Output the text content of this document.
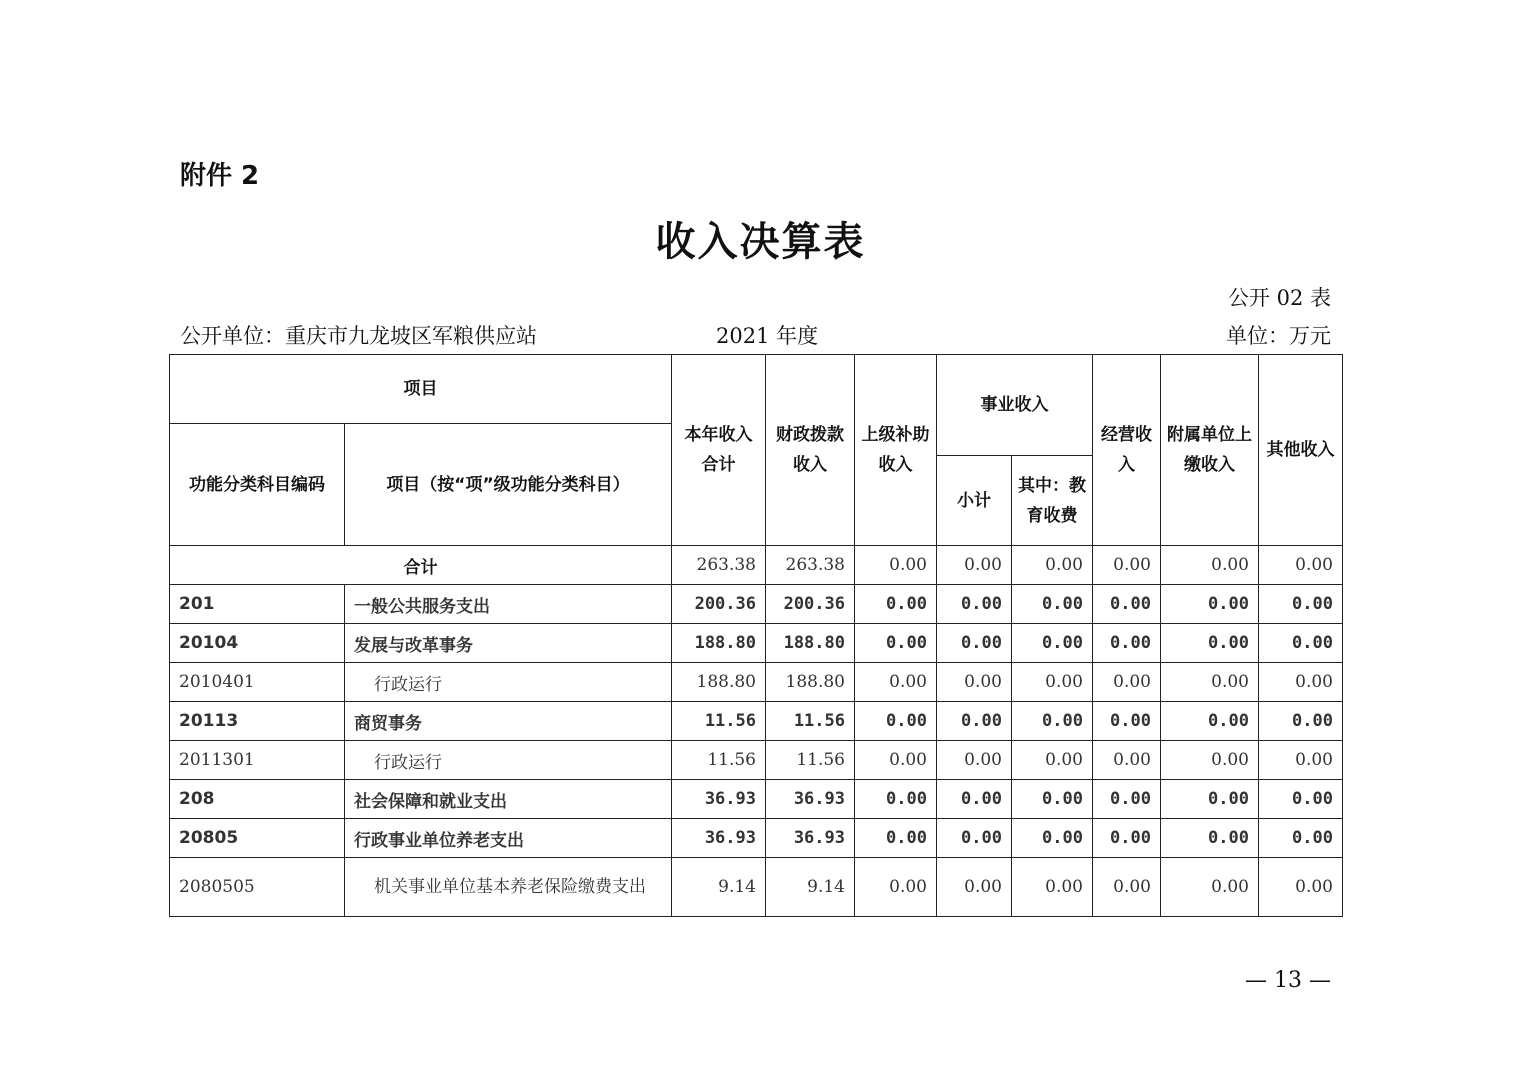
附件 2
收入决算表
公开 02 表
公开单位：重庆市九龙坡区军粮供应站	2021 年度	单位：万元
项目		本年收入合计	财政拨款收入	上级补助收入	事业收入		经营收入	附属单位上缴收入	其他收入
功能分类科目编码	项目（按“项”级功能分类科目）								
					小计	其中：教育收费			
合计		263.38	263.38	0.00	0.00	0.00	0.00	0.00	0.00
201	一般公共服务支出	200.36	200.36	0.00	0.00	0.00	0.00	0.00	0.00
20104	发展与改革事务	188.80	188.80	0.00	0.00	0.00	0.00	0.00	0.00
2010401	行政运行	188.80	188.80	0.00	0.00	0.00	0.00	0.00	0.00
20113	商贸事务	11.56	11.56	0.00	0.00	0.00	0.00	0.00	0.00
2011301	行政运行	11.56	11.56	0.00	0.00	0.00	0.00	0.00	0.00
208	社会保障和就业支出	36.93	36.93	0.00	0.00	0.00	0.00	0.00	0.00
20805	行政事业单位养老支出	36.93	36.93	0.00	0.00	0.00	0.00	0.00	0.00
2080505	机关事业单位基本养老保险缴费支出	9.14	9.14	0.00	0.00	0.00	0.00	0.00	0.00
— 13 —
